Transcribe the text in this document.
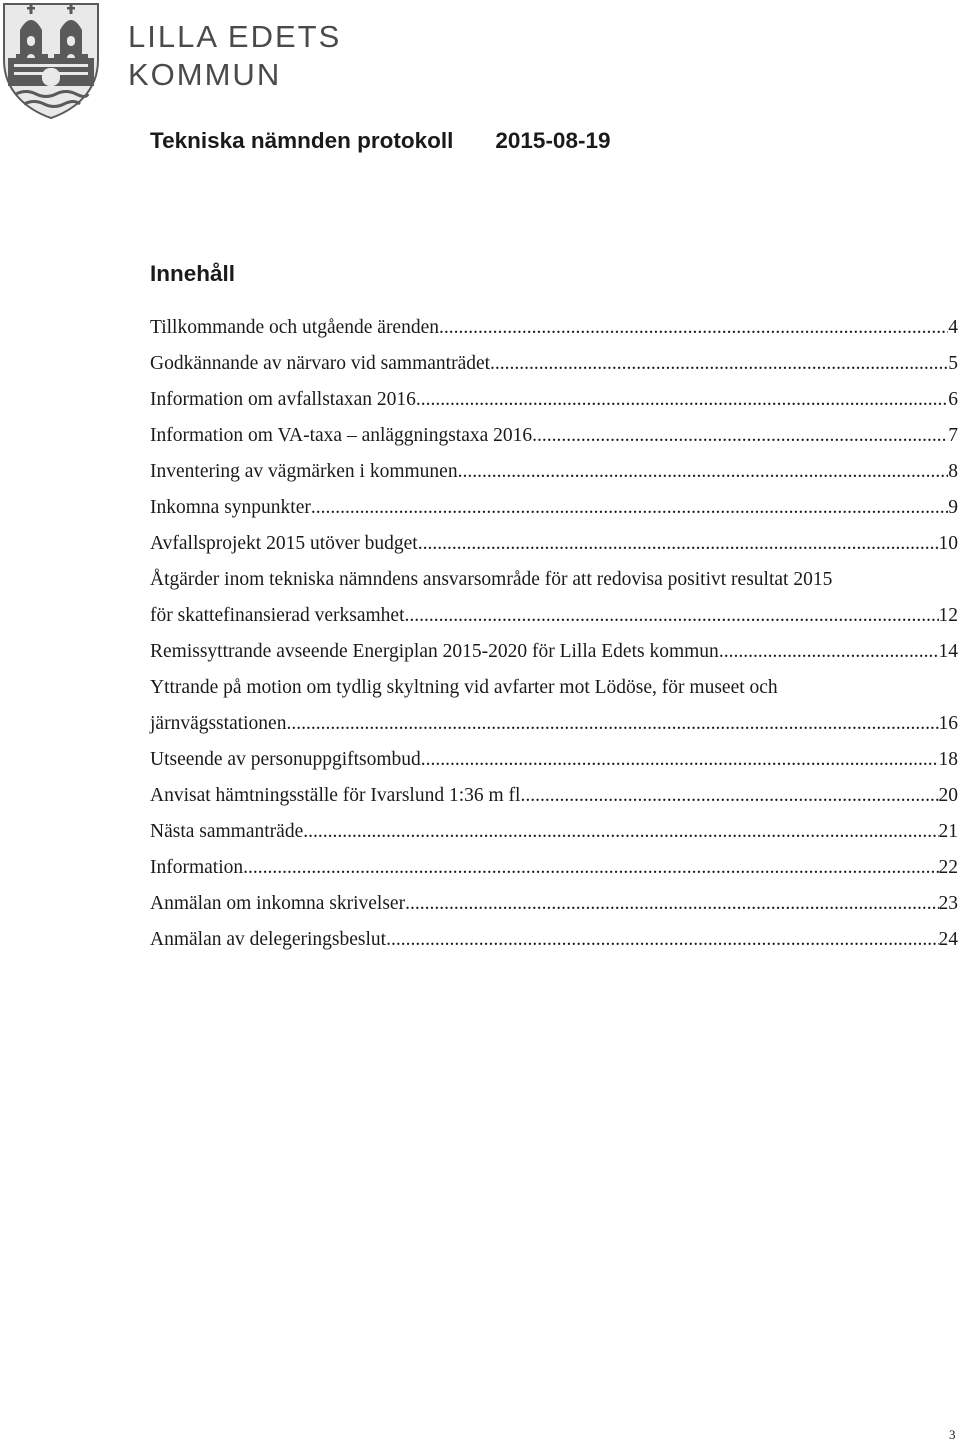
LILLA EDETS
KOMMUN
Tekniska nämnden protokoll 2015-08-19
Innehåll
Tillkommande och utgående ärenden .....	4
Godkännande av närvaro vid sammanträdet .....	5
Information om avfallstaxan 2016 .....	6
Information om VA-taxa – anläggningstaxa 2016 .....	7
Inventering av vägmärken i kommunen .....	8
Inkomna synpunkter .....	9
Avfallsprojekt 2015 utöver budget .....	10
Åtgärder inom tekniska nämndens ansvarsområde för att redovisa positivt resultat 2015
för skattefinansierad verksamhet .....	12
Remissyttrande avseende Energiplan 2015-2020 för Lilla Edets kommun .....	14
Yttrande på motion om tydlig skyltning vid avfarter mot Lödöse, för museet och
järnvägsstationen .....	16
Utseende av personuppgiftsombud .....	18
Anvisat hämtningsställe för Ivarslund 1:36 m fl .....	20
Nästa sammanträde .....	21
Information .....	22
Anmälan om inkomna skrivelser .....	23
Anmälan av delegeringsbeslut .....	24
3
